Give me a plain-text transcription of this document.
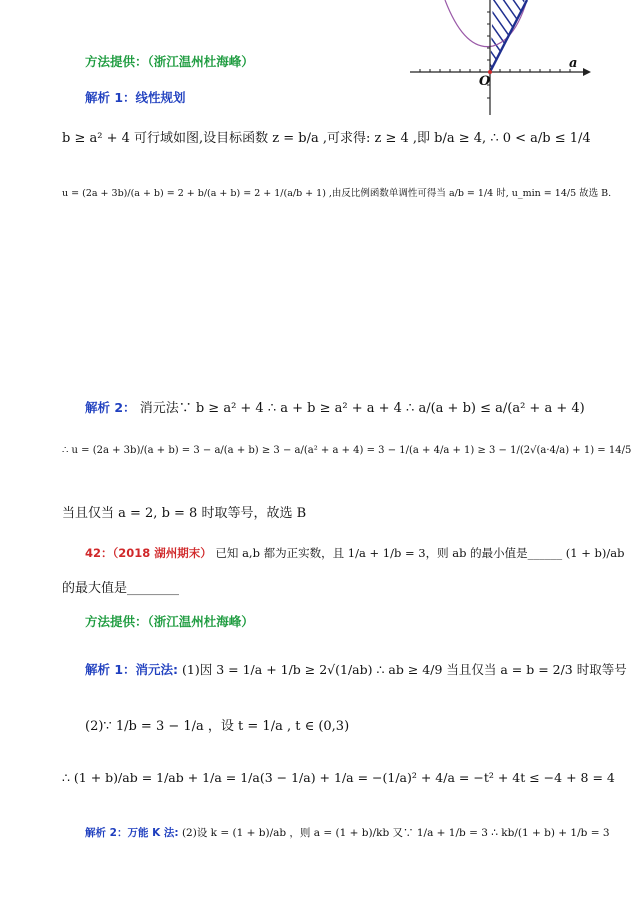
O
a
方法提供：（浙江温州杜海峰）
解析 1：线性规划
b ≥ a² + 4 可行域如图,设目标函数 z = b/a ,可求得: z ≥ 4 ,即 b/a ≥ 4, ∴ 0 < a/b ≤ 1/4
u = (2a + 3b)/(a + b) = 2 + b/(a + b) = 2 + 1/(a/b + 1) ,由反比例函数单调性可得当 a/b = 1/4 时, u_min = 14/5 故选 B.
解析 2： 消元法∵ b ≥ a² + 4 ∴ a + b ≥ a² + a + 4 ∴ a/(a + b) ≤ a/(a² + a + 4)
∴ u = (2a + 3b)/(a + b) = 3 − a/(a + b) ≥ 3 − a/(a² + a + 4) = 3 − 1/(a + 4/a + 1) ≥ 3 − 1/(2√(a·4/a) + 1) = 14/5
当且仅当 a = 2, b = 8 时取等号，故选 B
42：（2018 湖州期末） 已知 a,b 都为正实数，且 1/a + 1/b = 3，则 ab 的最小值是______ (1 + b)/ab
的最大值是________
方法提供：（浙江温州杜海峰）
解析 1：消元法: (1)因 3 = 1/a + 1/b ≥ 2√(1/ab) ∴ ab ≥ 4/9 当且仅当 a = b = 2/3 时取等号
(2)∵ 1/b = 3 − 1/a ，设 t = 1/a , t ∈ (0,3)
∴ (1 + b)/ab = 1/ab + 1/a = 1/a(3 − 1/a) + 1/a = −(1/a)² + 4/a = −t² + 4t ≤ −4 + 8 = 4
解析 2：万能 K 法: (2)设 k = (1 + b)/ab ，则 a = (1 + b)/kb 又∵ 1/a + 1/b = 3 ∴ kb/(1 + b) + 1/b = 3
